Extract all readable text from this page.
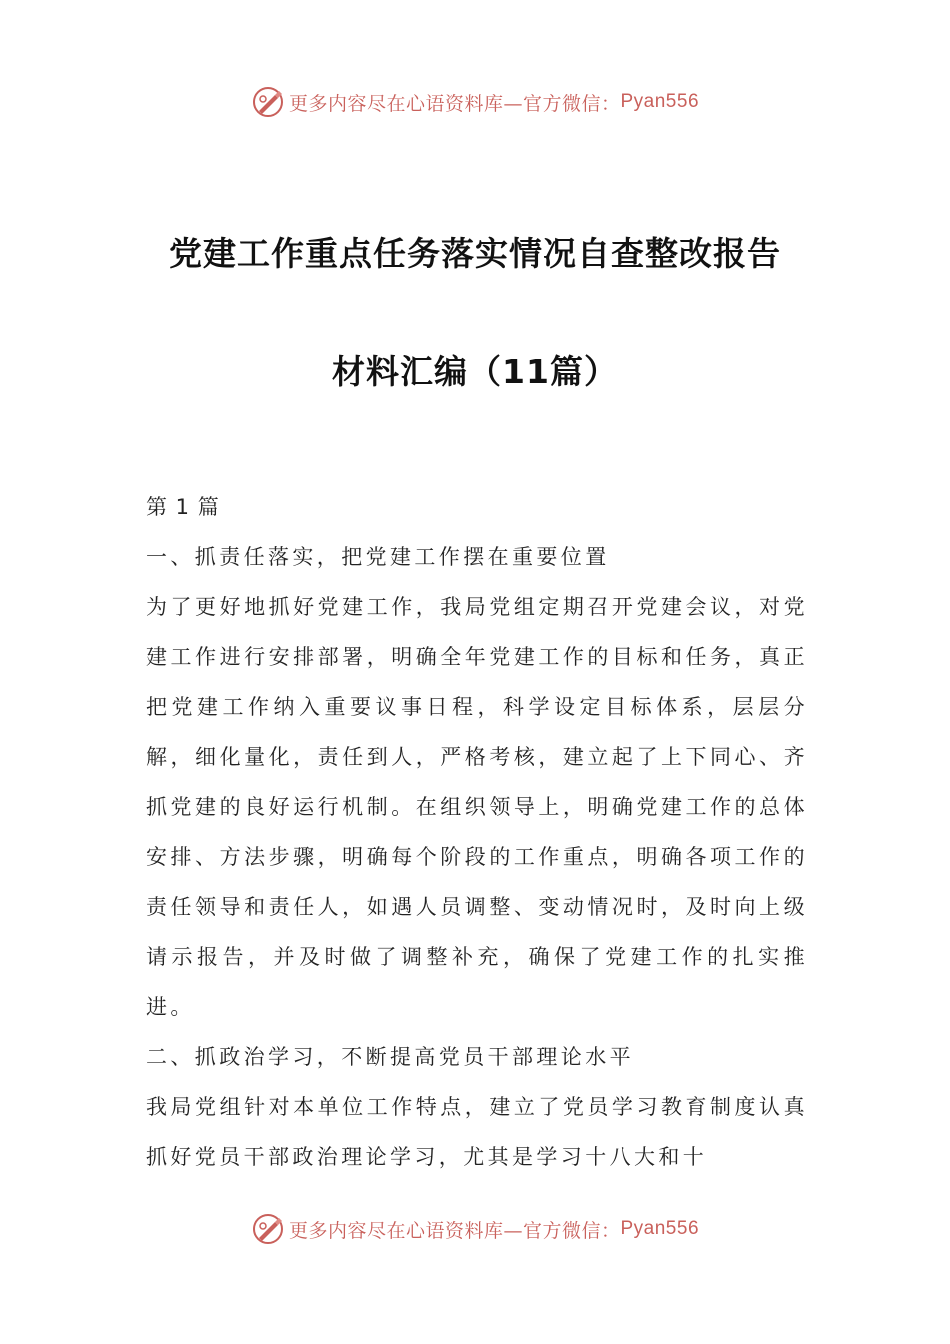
更多内容尽在心语资料库—官方微信： Pyan556
党建工作重点任务落实情况自查整改报告
材料汇编（11篇）

第 1 篇

一、抓责任落实，把党建工作摆在重要位置

为了更好地抓好党建工作，我局党组定期召开党建会议，对党建工作进行安排部署，明确全年党建工作的目标和任务，真正把党建工作纳入重要议事日程，科学设定目标体系，层层分解，细化量化，责任到人，严格考核，建立起了上下同心、齐抓党建的良好运行机制。在组织领导上，明确党建工作的总体安排、方法步骤，明确每个阶段的工作重点，明确各项工作的责任领导和责任人，如遇人员调整、变动情况时，及时向上级请示报告，并及时做了调整补充，确保了党建工作的扎实推进。

二、抓政治学习，不断提高党员干部理论水平

我局党组针对本单位工作特点，建立了党员学习教育制度认真抓好党员干部政治理论学习，尤其是学习十八大和十

更多内容尽在心语资料库—官方微信： Pyan556
